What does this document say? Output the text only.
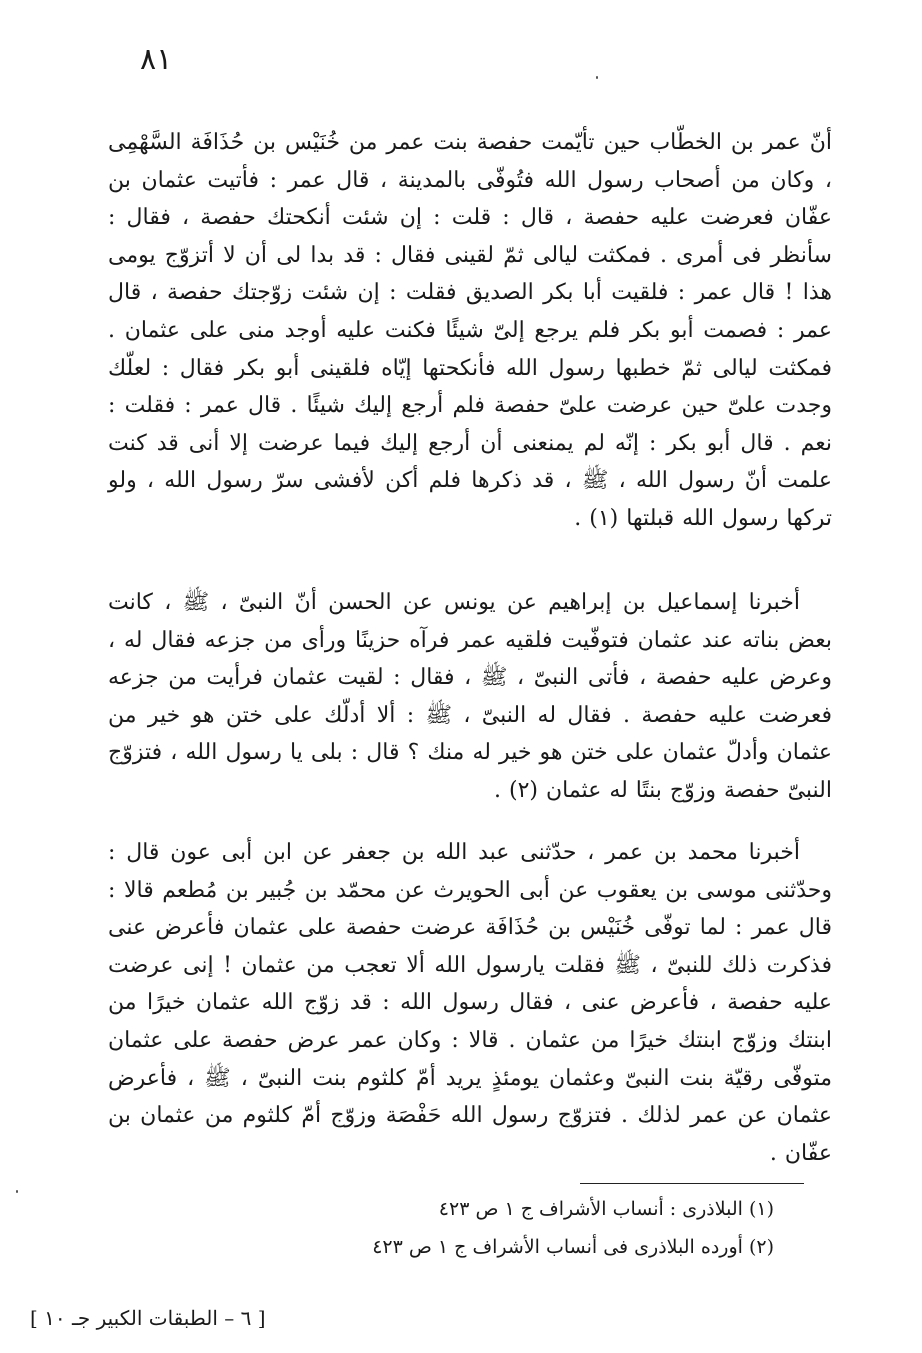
٨١

أنّ عمر بن الخطّاب حين تأيّمت حفصة بنت عمر من خُنَيْس بن حُذَافَة السَّهْمِى ، وكان من أصحاب رسول الله فتُوفّى بالمدينة ، قال عمر : فأتيت عثمان بن عفّان فعرضت عليه حفصة ، قال : قلت : إن شئت أنكحتك حفصة ، فقال : سأنظر فى أمرى . فمكثت ليالى ثمّ لقينى فقال : قد بدا لى أن لا أتزوّج يومى هذا ! قال عمر : فلقيت أبا بكر الصديق فقلت : إن شئت زوّجتك حفصة ، قال عمر : فصمت أبو بكر فلم يرجع إلىّ شيئًا فكنت عليه أوجد منى على عثمان . فمكثت ليالى ثمّ خطبها رسول الله فأنكحتها إيّاه فلقينى أبو بكر فقال : لعلّك وجدت علىّ حين عرضت علىّ حفصة فلم أرجع إليك شيئًا . قال عمر : فقلت : نعم . قال أبو بكر : إنّه لم يمنعنى أن أرجع إليك فيما عرضت إلا أنى قد كنت علمت أنّ رسول الله ، ﷺ ، قد ذكرها فلم أكن لأفشى سرّ رسول الله ، ولو تركها رسول الله قبلتها (١) .

أخبرنا إسماعيل بن إبراهيم عن يونس عن الحسن أنّ النبىّ ، ﷺ ، كانت بعض بناته عند عثمان فتوفّيت فلقيه عمر فرآه حزينًا ورأى من جزعه فقال له ، وعرض عليه حفصة ، فأتى النبىّ ، ﷺ ، فقال : لقيت عثمان فرأيت من جزعه فعرضت عليه حفصة . فقال له النبىّ ، ﷺ : ألا أدلّك على ختن هو خير من عثمان وأدلّ عثمان على ختن هو خير له منك ؟ قال : بلى يا رسول الله ، فتزوّج النبىّ حفصة وزوّج بنتًا له عثمان (٢) .

أخبرنا محمد بن عمر ، حدّثنى عبد الله بن جعفر عن ابن أبى عون قال : وحدّثنى موسى بن يعقوب عن أبى الحويرث عن محمّد بن جُبير بن مُطعم قالا : قال عمر : لما توفّى خُنَيْس بن حُذَافَة عرضت حفصة على عثمان فأعرض عنى فذكرت ذلك للنبىّ ، ﷺ فقلت يارسول الله ألا تعجب من عثمان ! إنى عرضت عليه حفصة ، فأعرض عنى ، فقال رسول الله : قد زوّج الله عثمان خيرًا من ابنتك وزوّج ابنتك خيرًا من عثمان . قالا : وكان عمر عرض حفصة على عثمان متوفّى رقيّة بنت النبىّ وعثمان يومئذٍ يريد أمّ كلثوم بنت النبىّ ، ﷺ ، فأعرض عثمان عن عمر لذلك . فتزوّج رسول الله حَفْصَة وزوّج أمّ كلثوم من عثمان بن عفّان .

(١) البلاذرى : أنساب الأشراف ج ١ ص ٤٢٣
(٢) أورده البلاذرى فى أنساب الأشراف ج ١ ص ٤٢٣
[ ٦ – الطبقات الكبير جـ ١٠ ]
